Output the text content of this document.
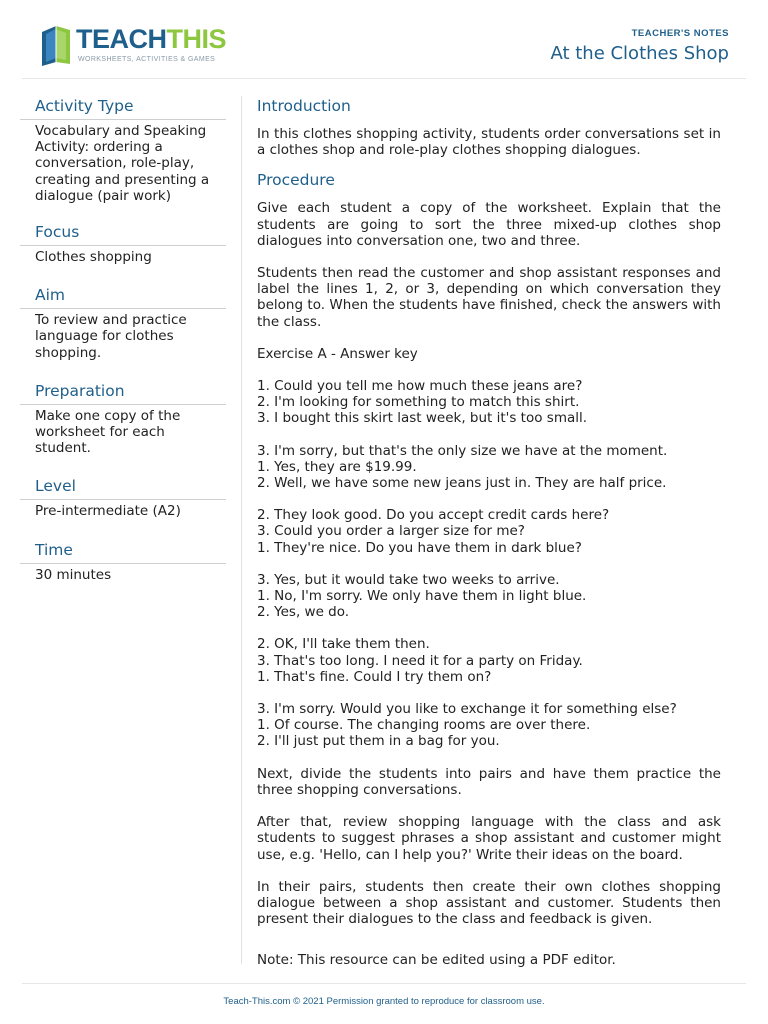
TEACHTHIS
WORKSHEETS, ACTIVITIES & GAMES
TEACHER'S NOTES
At the Clothes Shop
Activity Type
Vocabulary and Speaking Activity: ordering a conversation, role-play, creating and presenting a dialogue (pair work)
Focus
Clothes shopping
Aim
To review and practice language for clothes shopping.
Preparation
Make one copy of the worksheet for each student.
Level
Pre-intermediate (A2)
Time
30 minutes
Introduction

In this clothes shopping activity, students order conversations set in a clothes shop and role-play clothes shopping dialogues.

Procedure

Give each student a copy of the worksheet. Explain that the students are going to sort the three mixed-up clothes shop dialogues into conversation one, two and three.

Students then read the customer and shop assistant responses and label the lines 1, 2, or 3, depending on which conversation they belong to. When the students have finished, check the answers with the class.

Exercise A - Answer key

1. Could you tell me how much these jeans are?

2. I'm looking for something to match this shirt.

3. I bought this skirt last week, but it's too small.

3. I'm sorry, but that's the only size we have at the moment.

1. Yes, they are $19.99.

2. Well, we have some new jeans just in. They are half price.

2. They look good. Do you accept credit cards here?

3. Could you order a larger size for me?

1. They're nice. Do you have them in dark blue?

3. Yes, but it would take two weeks to arrive.

1. No, I'm sorry. We only have them in light blue.

2. Yes, we do.

2. OK, I'll take them then.

3. That's too long. I need it for a party on Friday.

1. That's fine. Could I try them on?

3. I'm sorry. Would you like to exchange it for something else?

1. Of course. The changing rooms are over there.

2. I'll just put them in a bag for you.

Next, divide the students into pairs and have them practice the three shopping conversations.

After that, review shopping language with the class and ask students to suggest phrases a shop assistant and customer might use, e.g. 'Hello, can I help you?' Write their ideas on the board.

In their pairs, students then create their own clothes shopping dialogue between a shop assistant and customer. Students then present their dialogues to the class and feedback is given.

Note: This resource can be edited using a PDF editor.

Teach-This.com © 2021 Permission granted to reproduce for classroom use.
